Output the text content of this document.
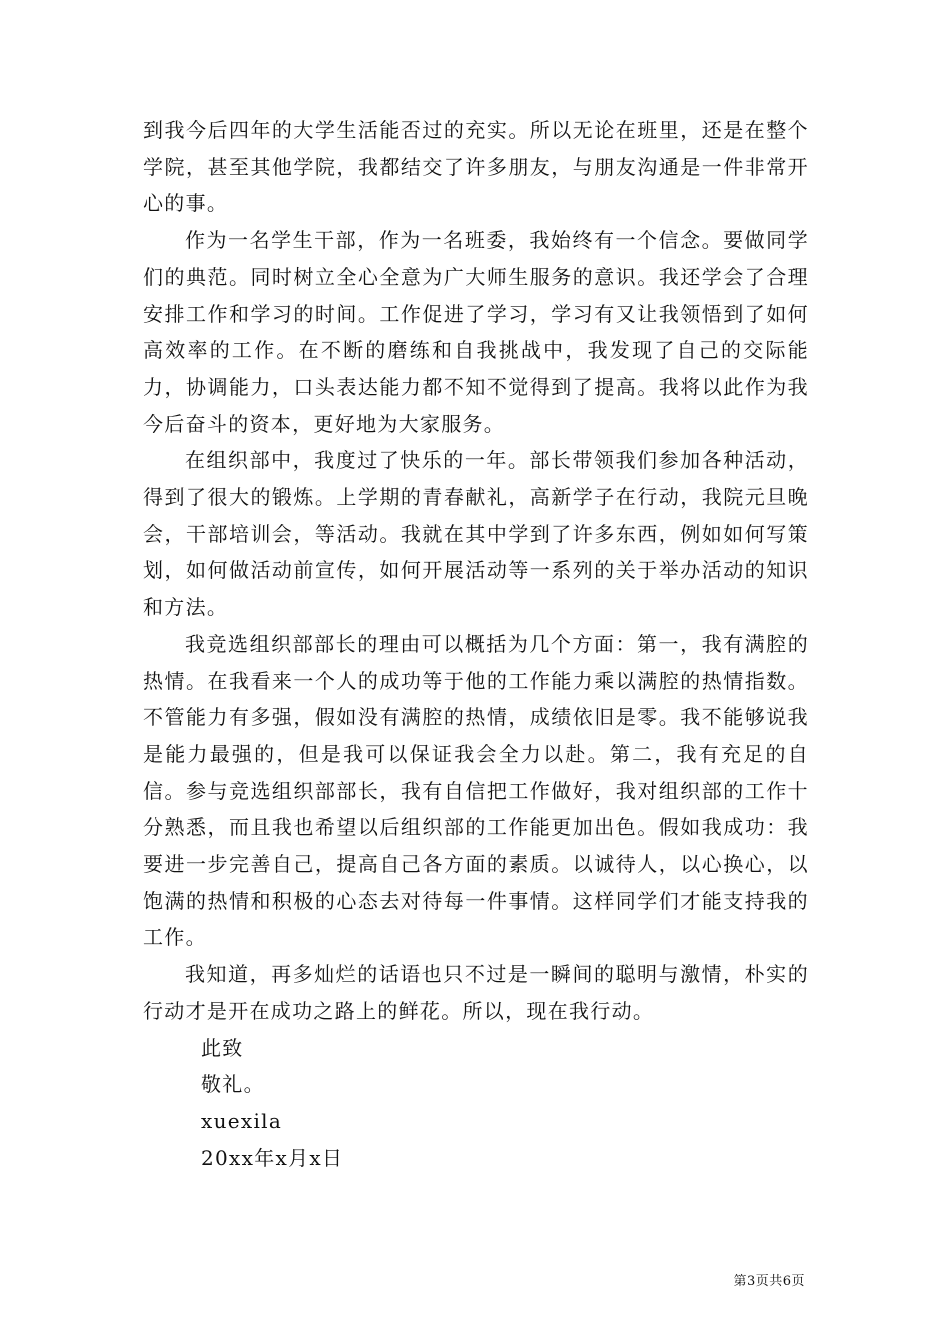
到我今后四年的大学生活能否过的充实。所以无论在班里，还是在整个学院，甚至其他学院，我都结交了许多朋友，与朋友沟通是一件非常开心的事。

作为一名学生干部，作为一名班委，我始终有一个信念。要做同学们的典范。同时树立全心全意为广大师生服务的意识。我还学会了合理安排工作和学习的时间。工作促进了学习，学习有又让我领悟到了如何高效率的工作。在不断的磨练和自我挑战中，我发现了自己的交际能力，协调能力，口头表达能力都不知不觉得到了提高。我将以此作为我今后奋斗的资本，更好地为大家服务。

在组织部中，我度过了快乐的一年。部长带领我们参加各种活动，得到了很大的锻炼。上学期的青春献礼，高新学子在行动，我院元旦晚会，干部培训会，等活动。我就在其中学到了许多东西，例如如何写策划，如何做活动前宣传，如何开展活动等一系列的关于举办活动的知识和方法。

我竞选组织部部长的理由可以概括为几个方面：第一，我有满腔的热情。在我看来一个人的成功等于他的工作能力乘以满腔的热情指数。不管能力有多强，假如没有满腔的热情，成绩依旧是零。我不能够说我是能力最强的，但是我可以保证我会全力以赴。第二，我有充足的自信。参与竞选组织部部长，我有自信把工作做好，我对组织部的工作十分熟悉，而且我也希望以后组织部的工作能更加出色。假如我成功：我要进一步完善自己，提高自己各方面的素质。以诚待人，以心换心，以饱满的热情和积极的心态去对待每一件事情。这样同学们才能支持我的工作。

我知道，再多灿烂的话语也只不过是一瞬间的聪明与激情，朴实的行动才是开在成功之路上的鲜花。所以，现在我行动。

此致

敬礼。

xuexila

20xx年x月x日

第3页共6页
